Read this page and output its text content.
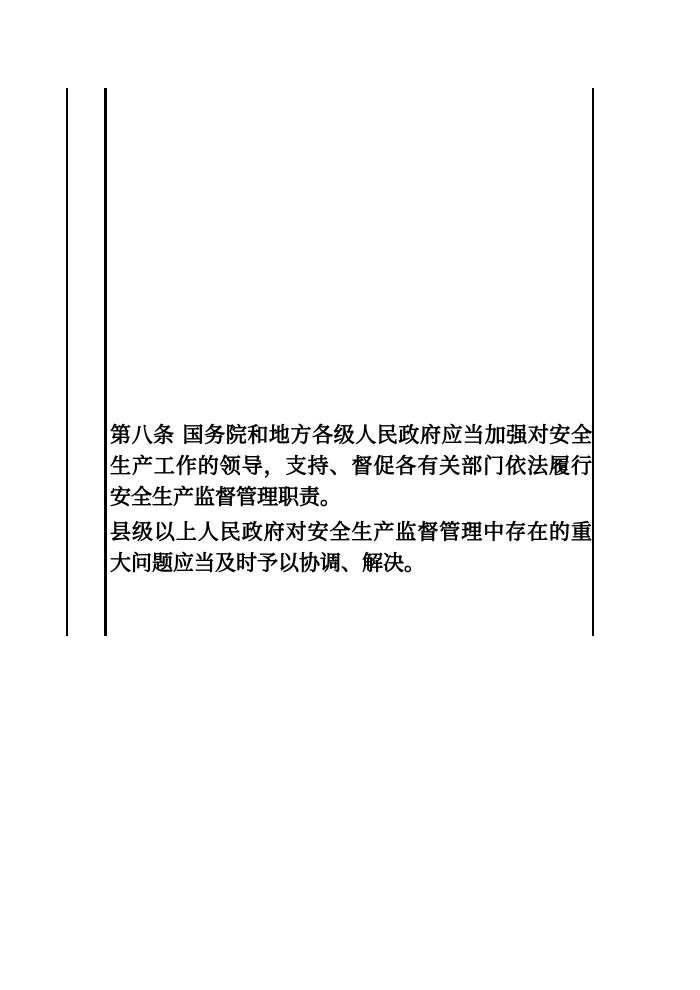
第八条 国务院和地方各级人民政府应当加强对安全生产工作的领导，支持、督促各有关部门依法履行安全生产监督管理职责。

县级以上人民政府对安全生产监督管理中存在的重大问题应当及时予以协调、解决。
